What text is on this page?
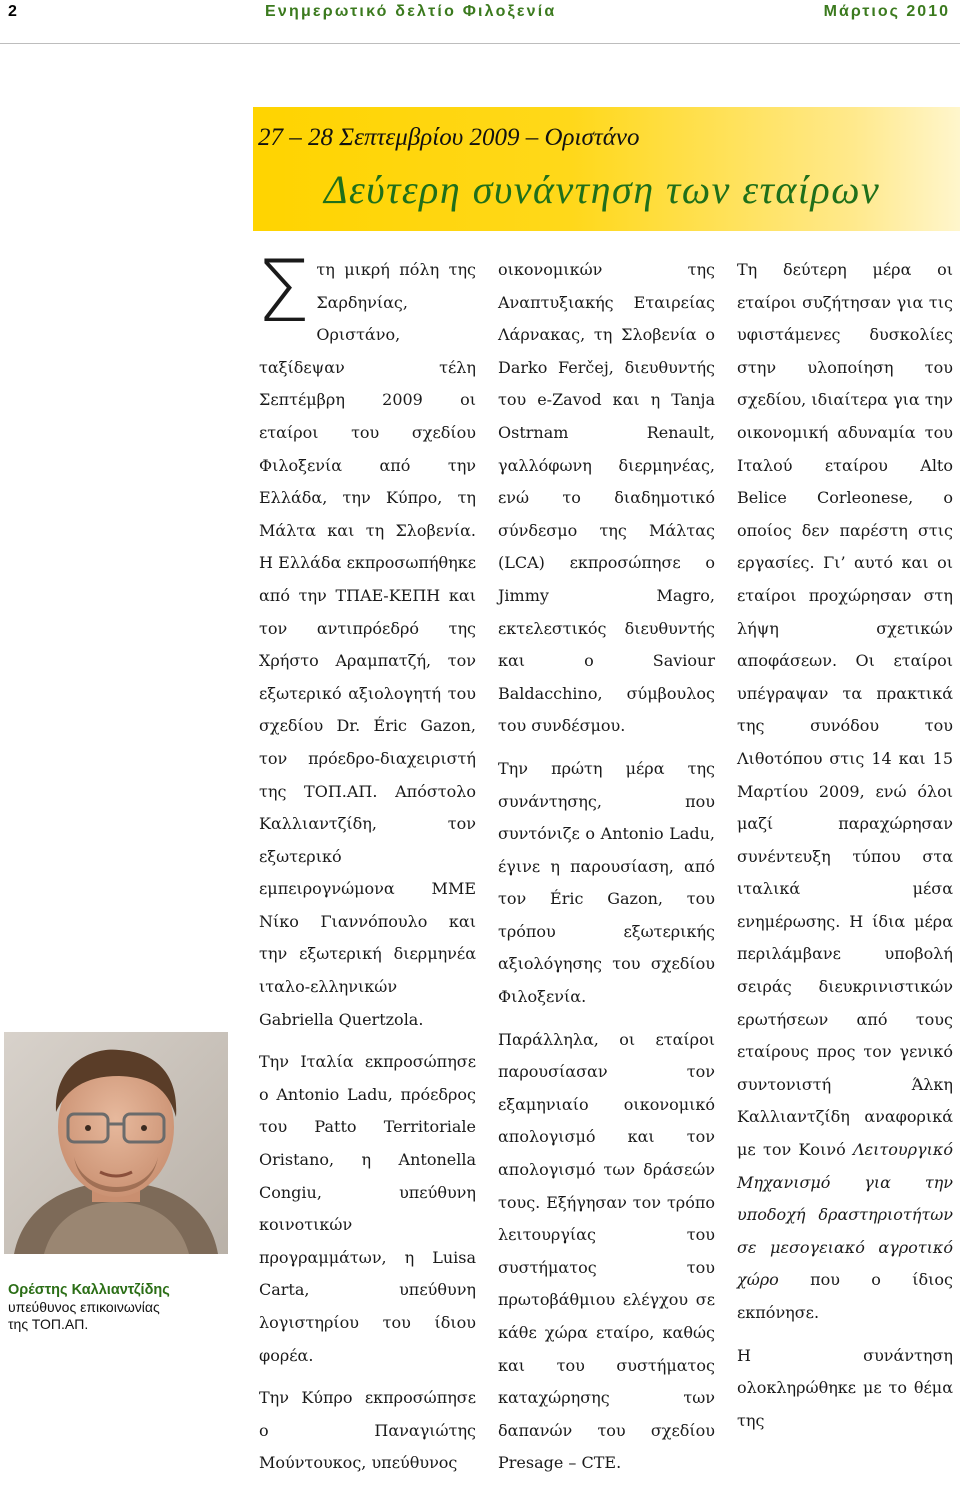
2	Ενημερωτικό δελτίο Φιλοξενία	Μάρτιος 2010
27 – 28 Σεπτεμβρίου 2009 – Οριστάνο
Δεύτερη συνάντηση των εταίρων

Στη μικρή πόλη της Σαρδηνίας, Οριστάνο, ταξίδεψαν τέλη Σεπτέμβρη 2009 οι εταίροι του σχεδίου Φιλοξενία από την Ελλάδα, την Κύπρο, τη Μάλτα και τη Σλοβενία. Η Ελλάδα εκπροσωπήθηκε από την ΤΠΑΕ-ΚΕΠΗ και τον αντιπρόεδρό της Χρήστο Αραμπατζή, τον εξωτερικό αξιολογητή του σχεδίου Dr. Éric Gazon, τον πρόεδρο-διαχειριστή της ΤΟΠ.ΑΠ. Απόστολο Καλλιαντζίδη, τον εξωτερικό εμπειρογνώμονα ΜΜΕ Νίκο Γιαννόπουλο και την εξωτερική διερμηνέα ιταλο-ελληνικών Gabriella Quertzola.

Την Ιταλία εκπροσώπησε ο Antonio Ladu, πρόεδρος του Patto Territoriale Oristano, η Antonella Congiu, υπεύθυνη κοινοτικών προγραμμάτων, η Luisa Carta, υπεύθυνη λογιστηρίου του ίδιου φορέα.

Την Κύπρο εκπροσώπησε ο Παναγιώτης Μούντουκος, υπεύθυνος

οικονομικών της Αναπτυξιακής Εταιρείας Λάρνακας, τη Σλοβενία ο Darko Ferčej, διευθυντής του e-Zavod και η Tanja Ostrnam Renault, γαλλόφωνη διερμηνέας, ενώ το διαδημοτικό σύνδεσμο της Μάλτας (LCA) εκπροσώπησε ο Jimmy Magro, εκτελεστικός διευθυντής και ο Saviour Baldacchino, σύμβουλος του συνδέσμου.

Την πρώτη μέρα της συνάντησης, που συντόνιζε ο Antonio Ladu, έγινε η παρουσίαση, από τον Éric Gazon, του τρόπου εξωτερικής αξιολόγησης του σχεδίου Φιλοξενία.

Παράλληλα, οι εταίροι παρουσίασαν τον εξαμηνιαίο οικονομικό απολογισμό και τον απολογισμό των δράσεών τους. Εξήγησαν τον τρόπο λειτουργίας του συστήματος του πρωτοβάθμιου ελέγχου σε κάθε χώρα εταίρο, καθώς και του συστήματος καταχώρησης των δαπανών του σχεδίου Presage – CTE.

Τη δεύτερη μέρα οι εταίροι συζήτησαν για τις υφιστάμενες δυσκολίες στην υλοποίηση του σχεδίου, ιδιαίτερα για την οικονομική αδυναμία του Ιταλού εταίρου Alto Belice Corleonese, ο οποίος δεν παρέστη στις εργασίες. Γι’ αυτό και οι εταίροι προχώρησαν στη λήψη σχετικών αποφάσεων. Οι εταίροι υπέγραψαν τα πρακτικά της συνόδου του Λιθοτόπου στις 14 και 15 Μαρτίου 2009, ενώ όλοι μαζί παραχώρησαν συνέντευξη τύπου στα ιταλικά μέσα ενημέρωσης. Η ίδια μέρα περιλάμβανε υποβολή σειράς διευκρινιστικών ερωτήσεων από τους εταίρους προς τον γενικό συντονιστή Άλκη Καλλιαντζίδη αναφορικά με τον Κοινό Λειτουργικό Μηχανισμό για την υποδοχή δραστηριοτήτων σε μεσογειακό αγροτικό χώρο που ο ίδιος εκπόνησε.

Η συνάντηση ολοκληρώθηκε με το θέμα της

Ορέστης Καλλιαντζίδης
υπεύθυνος επικοινωνίας
της ΤΟΠ.ΑΠ.
